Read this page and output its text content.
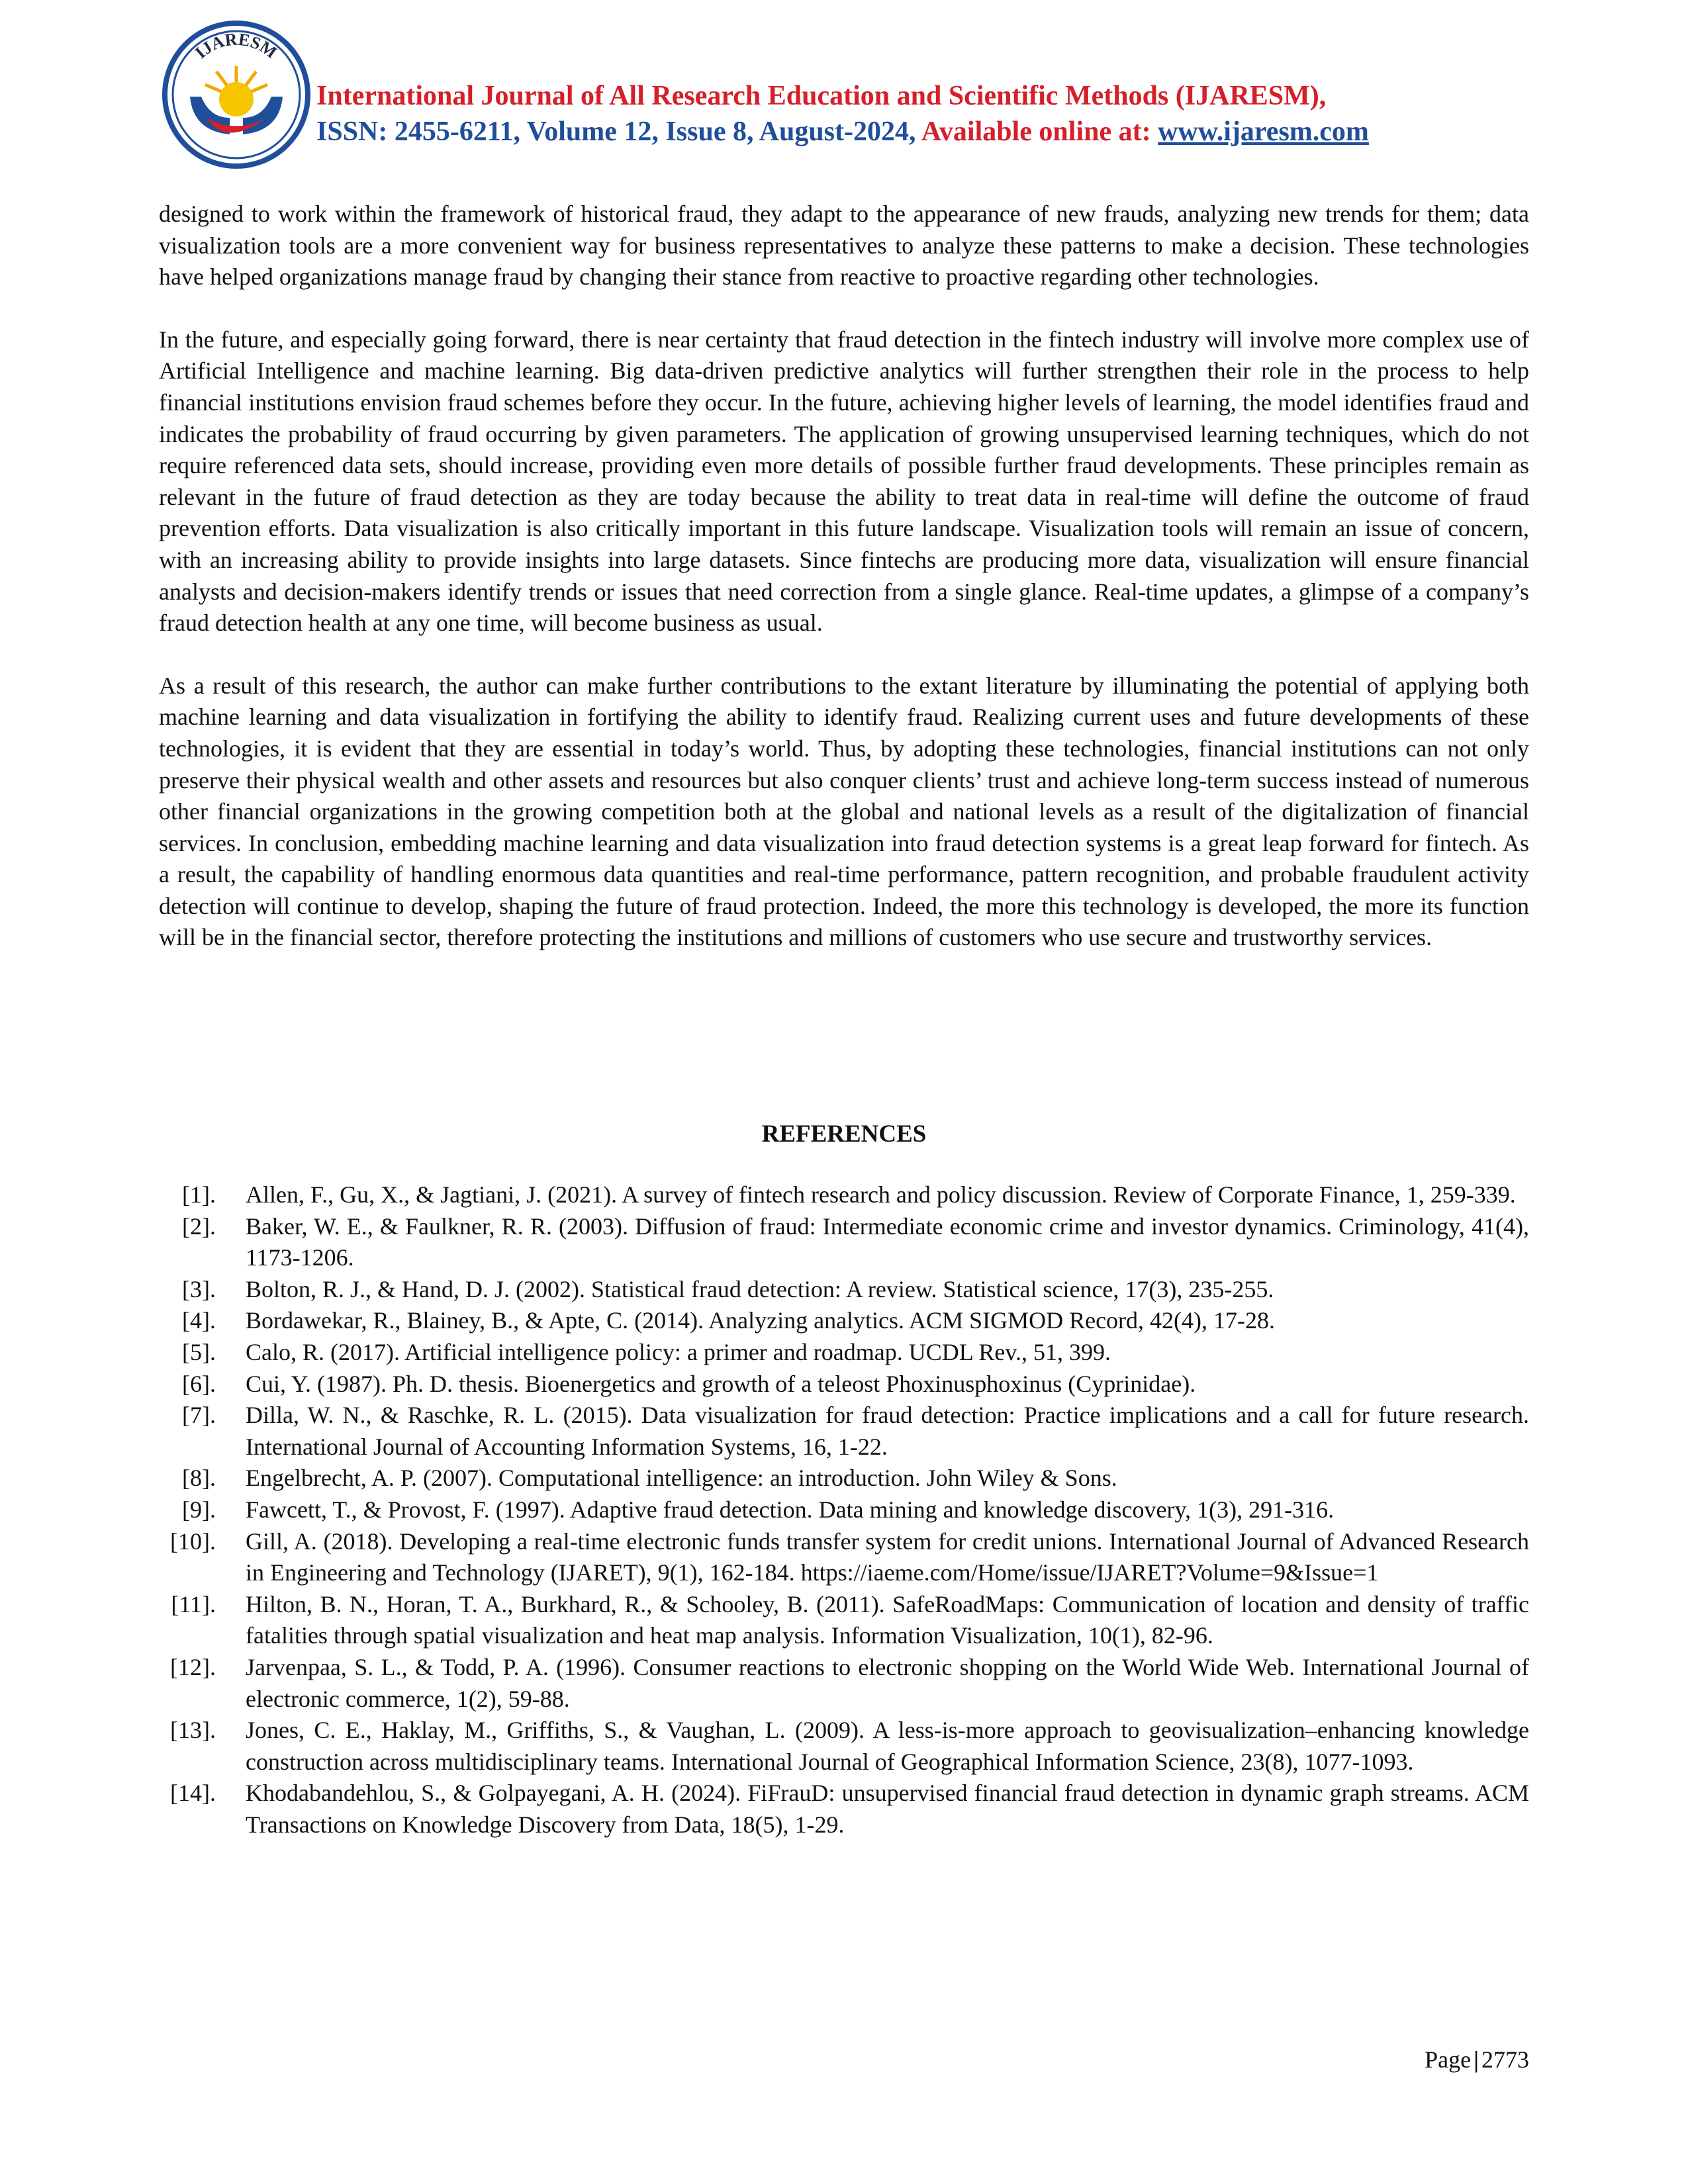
IJARESM
International Journal of All Research Education and Scientific Methods (IJARESM),
ISSN: 2455-6211, Volume 12, Issue 8, August-2024, Available online at: www.ijaresm.com

designed to work within the framework of historical fraud, they adapt to the appearance of new frauds, analyzing new trends for them; data visualization tools are a more convenient way for business representatives to analyze these patterns to make a decision. These technologies have helped organizations manage fraud by changing their stance from reactive to proactive regarding other technologies.

In the future, and especially going forward, there is near certainty that fraud detection in the fintech industry will involve more complex use of Artificial Intelligence and machine learning. Big data-driven predictive analytics will further strengthen their role in the process to help financial institutions envision fraud schemes before they occur. In the future, achieving higher levels of learning, the model identifies fraud and indicates the probability of fraud occurring by given parameters. The application of growing unsupervised learning techniques, which do not require referenced data sets, should increase, providing even more details of possible further fraud developments. These principles remain as relevant in the future of fraud detection as they are today because the ability to treat data in real-time will define the outcome of fraud prevention efforts. Data visualization is also critically important in this future landscape. Visualization tools will remain an issue of concern, with an increasing ability to provide insights into large datasets. Since fintechs are producing more data, visualization will ensure financial analysts and decision-makers identify trends or issues that need correction from a single glance. Real-time updates, a glimpse of a company’s fraud detection health at any one time, will become business as usual.

As a result of this research, the author can make further contributions to the extant literature by illuminating the potential of applying both machine learning and data visualization in fortifying the ability to identify fraud. Realizing current uses and future developments of these technologies, it is evident that they are essential in today’s world. Thus, by adopting these technologies, financial institutions can not only preserve their physical wealth and other assets and resources but also conquer clients’ trust and achieve long-term success instead of numerous other financial organizations in the growing competition both at the global and national levels as a result of the digitalization of financial services. In conclusion, embedding machine learning and data visualization into fraud detection systems is a great leap forward for fintech. As a result, the capability of handling enormous data quantities and real-time performance, pattern recognition, and probable fraudulent activity detection will continue to develop, shaping the future of fraud protection. Indeed, the more this technology is developed, the more its function will be in the financial sector, therefore protecting the institutions and millions of customers who use secure and trustworthy services.

REFERENCES
[1]. Allen, F., Gu, X., & Jagtiani, J. (2021). A survey of fintech research and policy discussion. Review of Corporate Finance, 1, 259-339.
[2]. Baker, W. E., & Faulkner, R. R. (2003). Diffusion of fraud: Intermediate economic crime and investor dynamics. Criminology, 41(4), 1173-1206.
[3]. Bolton, R. J., & Hand, D. J. (2002). Statistical fraud detection: A review. Statistical science, 17(3), 235-255.
[4]. Bordawekar, R., Blainey, B., & Apte, C. (2014). Analyzing analytics. ACM SIGMOD Record, 42(4), 17-28.
[5]. Calo, R. (2017). Artificial intelligence policy: a primer and roadmap. UCDL Rev., 51, 399.
[6]. Cui, Y. (1987). Ph. D. thesis. Bioenergetics and growth of a teleost Phoxinusphoxinus (Cyprinidae).
[7]. Dilla, W. N., & Raschke, R. L. (2015). Data visualization for fraud detection: Practice implications and a call for future research. International Journal of Accounting Information Systems, 16, 1-22.
[8]. Engelbrecht, A. P. (2007). Computational intelligence: an introduction. John Wiley & Sons.
[9]. Fawcett, T., & Provost, F. (1997). Adaptive fraud detection. Data mining and knowledge discovery, 1(3), 291-316.
[10]. Gill, A. (2018). Developing a real-time electronic funds transfer system for credit unions. International Journal of Advanced Research in Engineering and Technology (IJARET), 9(1), 162-184. https://iaeme.com/Home/issue/IJARET?Volume=9&Issue=1
[11]. Hilton, B. N., Horan, T. A., Burkhard, R., & Schooley, B. (2011). SafeRoadMaps: Communication of location and density of traffic fatalities through spatial visualization and heat map analysis. Information Visualization, 10(1), 82-96.
[12]. Jarvenpaa, S. L., & Todd, P. A. (1996). Consumer reactions to electronic shopping on the World Wide Web. International Journal of electronic commerce, 1(2), 59-88.
[13]. Jones, C. E., Haklay, M., Griffiths, S., & Vaughan, L. (2009). A less-is-more approach to geovisualization–enhancing knowledge construction across multidisciplinary teams. International Journal of Geographical Information Science, 23(8), 1077-1093.
[14]. Khodabandehlou, S., & Golpayegani, A. H. (2024). FiFrauD: unsupervised financial fraud detection in dynamic graph streams. ACM Transactions on Knowledge Discovery from Data, 18(5), 1-29.
Page | 2773
